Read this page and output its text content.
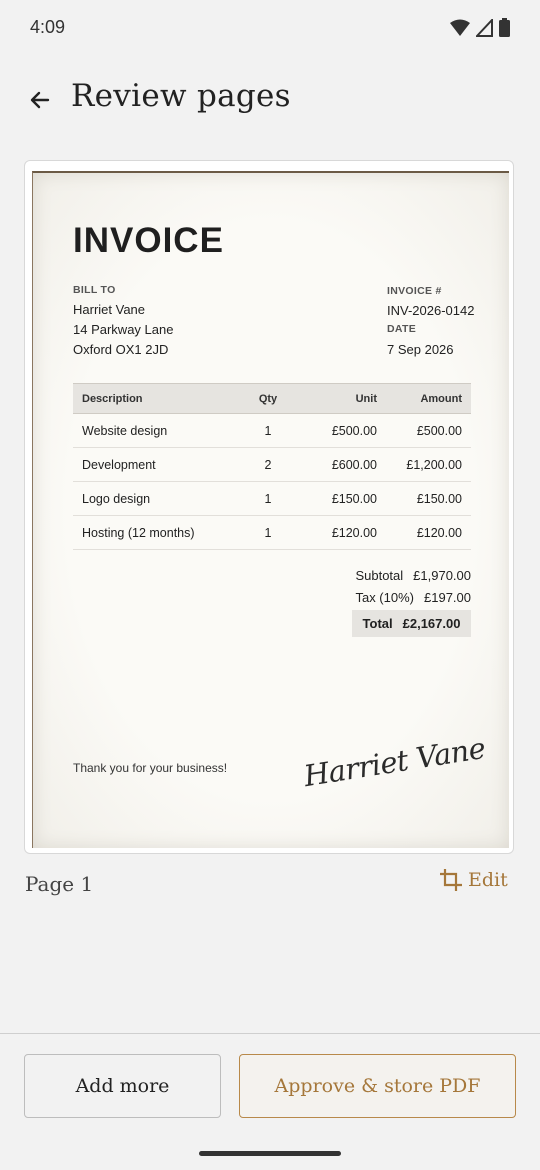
4:09
Review pages
INVOICE
BILL TO
Harriet Vane
14 Parkway Lane
Oxford OX1 2JD
INVOICE #
INV-2026-0142
DATE
7 Sep 2026
Description	Qty	Unit	Amount
Website design	1	£500.00	£500.00
Development	2	£600.00	£1,200.00
Logo design	1	£150.00	£150.00
Hosting (12 months)	1	£120.00	£120.00
Subtotal £1,970.00
Tax (10%) £197.00
Total £2,167.00
Thank you for your business!	Harriet Vane
Page 1	Edit
Add more	Approve & store PDF
